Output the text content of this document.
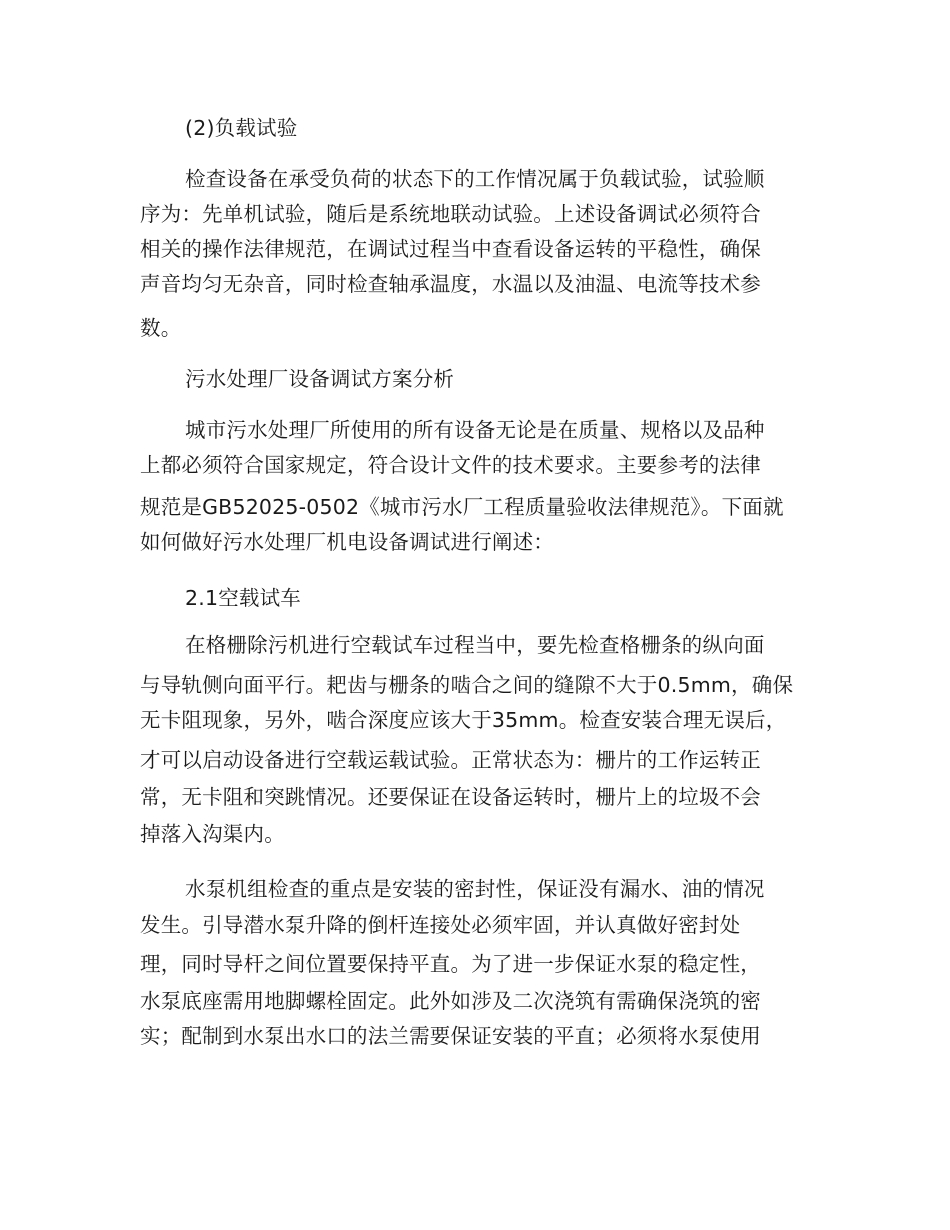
(2)负载试验

检查设备在承受负荷的状态下的工作情况属于负载试验，试验顺

序为：先单机试验，随后是系统地联动试验。上述设备调试必须符合

相关的操作法律规范，在调试过程当中查看设备运转的平稳性，确保

声音均匀无杂音，同时检查轴承温度，水温以及油温、电流等技术参

数。

污水处理厂设备调试方案分析

城市污水处理厂所使用的所有设备无论是在质量、规格以及品种

上都必须符合国家规定，符合设计文件的技术要求。主要参考的法律

规范是GB52025-0502《城市污水厂工程质量验收法律规范》。下面就

如何做好污水处理厂机电设备调试进行阐述：

2.1空载试车

在格栅除污机进行空载试车过程当中，要先检查格栅条的纵向面

与导轨侧向面平行。耙齿与栅条的啮合之间的缝隙不大于0.5mm，确保

无卡阻现象，另外，啮合深度应该大于35mm。检查安装合理无误后，

才可以启动设备进行空载运载试验。正常状态为：栅片的工作运转正

常，无卡阻和突跳情况。还要保证在设备运转时，栅片上的垃圾不会

掉落入沟渠内。

水泵机组检查的重点是安装的密封性，保证没有漏水、油的情况

发生。引导潜水泵升降的倒杆连接处必须牢固，并认真做好密封处

理，同时导杆之间位置要保持平直。为了进一步保证水泵的稳定性，

水泵底座需用地脚螺栓固定。此外如涉及二次浇筑有需确保浇筑的密

实；配制到水泵出水口的法兰需要保证安装的平直；必须将水泵使用
